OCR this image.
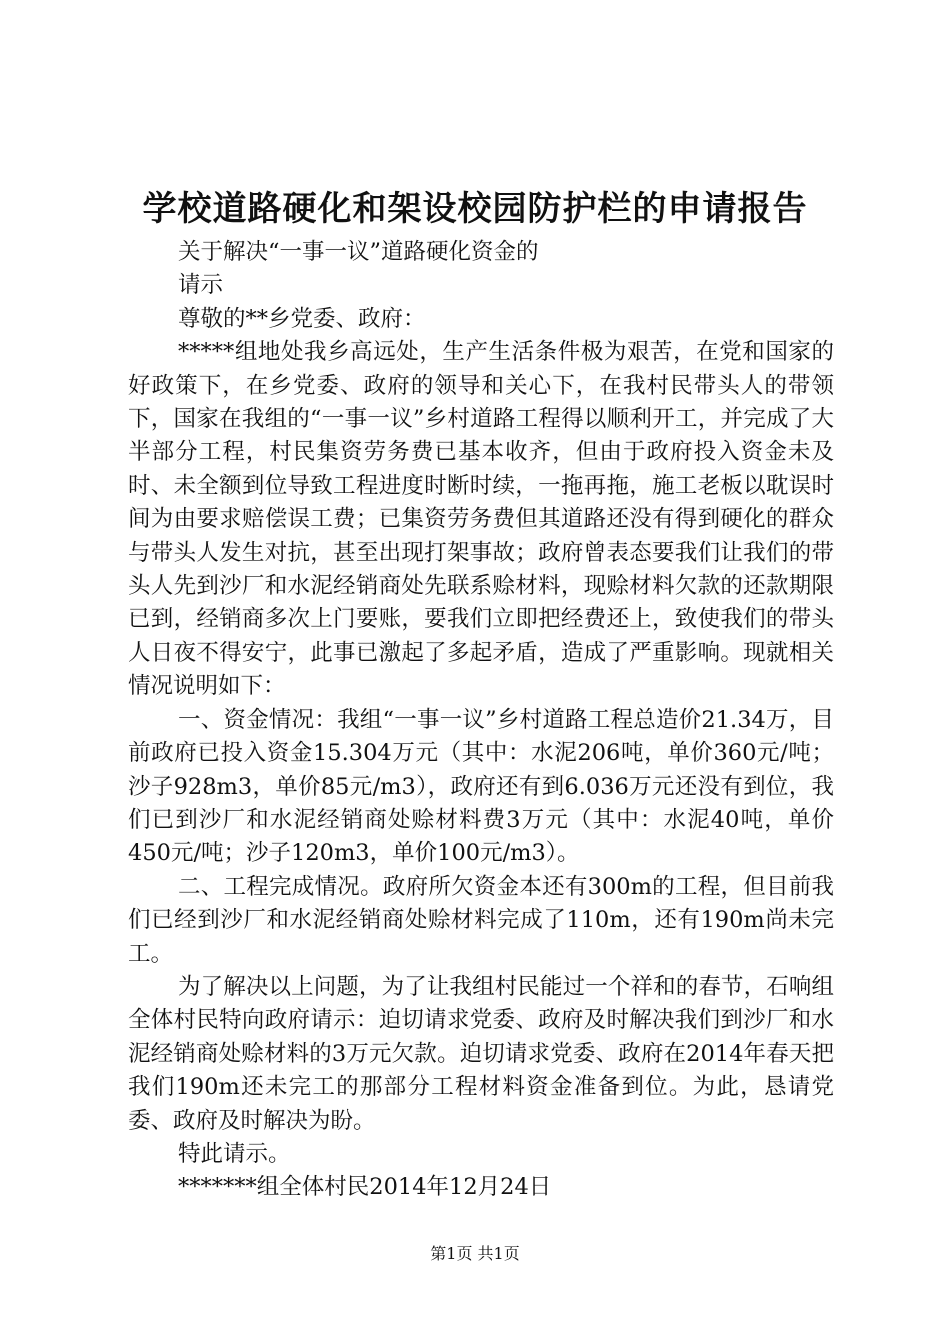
学校道路硬化和架设校园防护栏的申请报告
关于解决“一事一议”道路硬化资金的
请示
尊敬的**乡党委、政府：

*****组地处我乡高远处，生产生活条件极为艰苦，在党和国家的好政策下，在乡党委、政府的领导和关心下，在我村民带头人的带领下，国家在我组的“一事一议”乡村道路工程得以顺利开工，并完成了大半部分工程，村民集资劳务费已基本收齐，但由于政府投入资金未及时、未全额到位导致工程进度时断时续，一拖再拖，施工老板以耽误时间为由要求赔偿误工费；已集资劳务费但其道路还没有得到硬化的群众与带头人发生对抗，甚至出现打架事故；政府曾表态要我们让我们的带头人先到沙厂和水泥经销商处先联系赊材料，现赊材料欠款的还款期限已到，经销商多次上门要账，要我们立即把经费还上，致使我们的带头人日夜不得安宁，此事已激起了多起矛盾，造成了严重影响。现就相关情况说明如下：

一、资金情况：我组“一事一议”乡村道路工程总造价21.34万，目前政府已投入资金15.304万元（其中：水泥206吨，单价360元/吨；沙子928m3，单价85元/m3），政府还有到6.036万元还没有到位，我们已到沙厂和水泥经销商处赊材料费3万元（其中：水泥40吨，单价450元/吨；沙子120m3，单价100元/m3）。

二、工程完成情况。政府所欠资金本还有300m的工程，但目前我们已经到沙厂和水泥经销商处赊材料完成了110m，还有190m尚未完工。

为了解决以上问题，为了让我组村民能过一个祥和的春节，石响组全体村民特向政府请示：迫切请求党委、政府及时解决我们到沙厂和水泥经销商处赊材料的3万元欠款。迫切请求党委、政府在2014年春天把我们190m还未完工的那部分工程材料资金准备到位。为此，恳请党委、政府及时解决为盼。

特此请示。

*******组全体村民2014年12月24日

第1页 共1页
